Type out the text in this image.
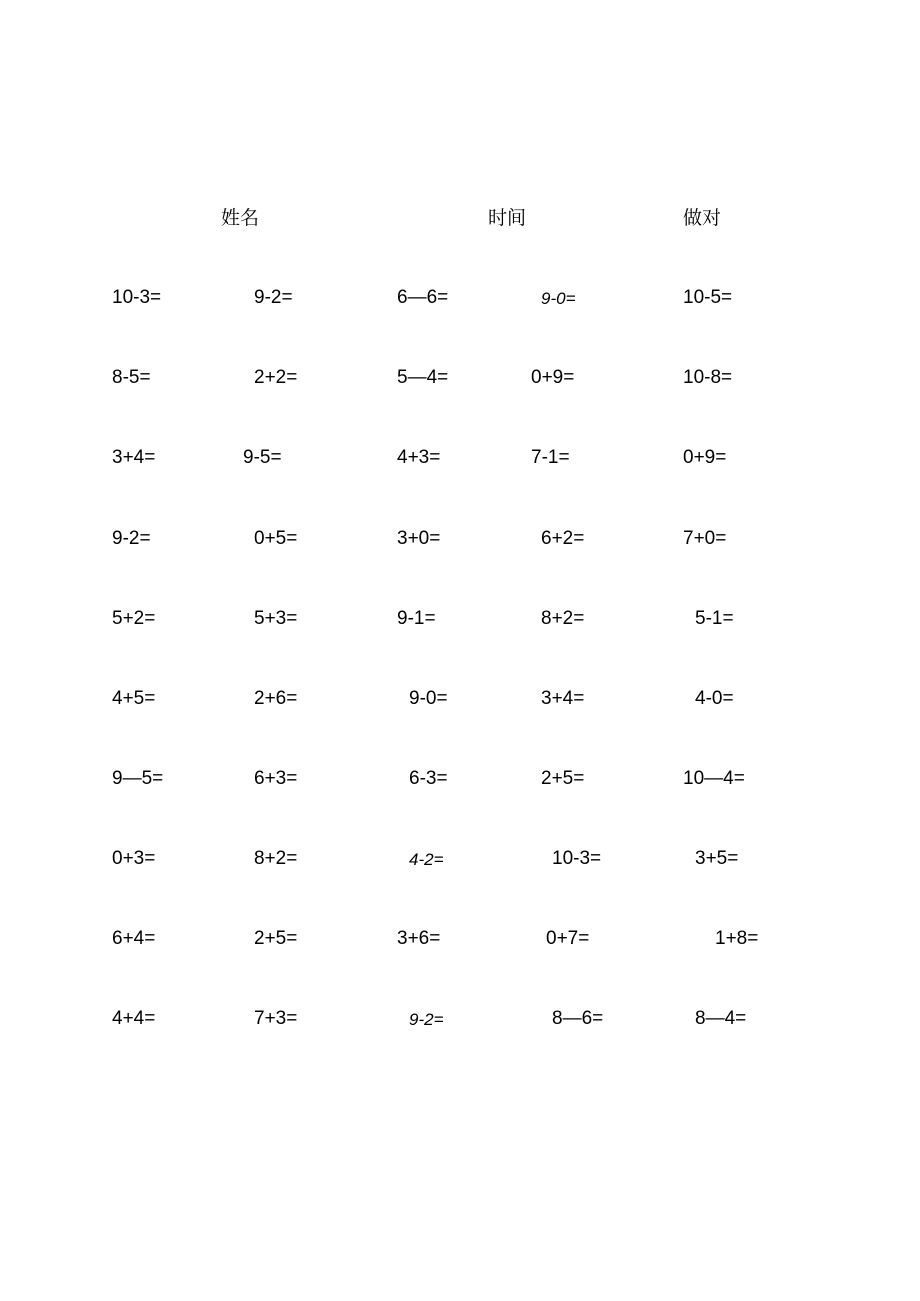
姓名	时间	做对
10-3=	9-2=	6—6=	9-0=	10-5=
8-5=	2+2=	5—4=	0+9=	10-8=
3+4=	9-5=	4+3=	7-1=	0+9=
9-2=	0+5=	3+0=	6+2=	7+0=
5+2=	5+3=	9-1=	8+2=	5-1=
4+5=	2+6=	9-0=	3+4=	4-0=
9—5=	6+3=	6-3=	2+5=	10—4=
0+3=	8+2=	4-2=	10-3=	3+5=
6+4=	2+5=	3+6=	0+7=	1+8=
4+4=	7+3=	9-2=	8—6=	8—4=
